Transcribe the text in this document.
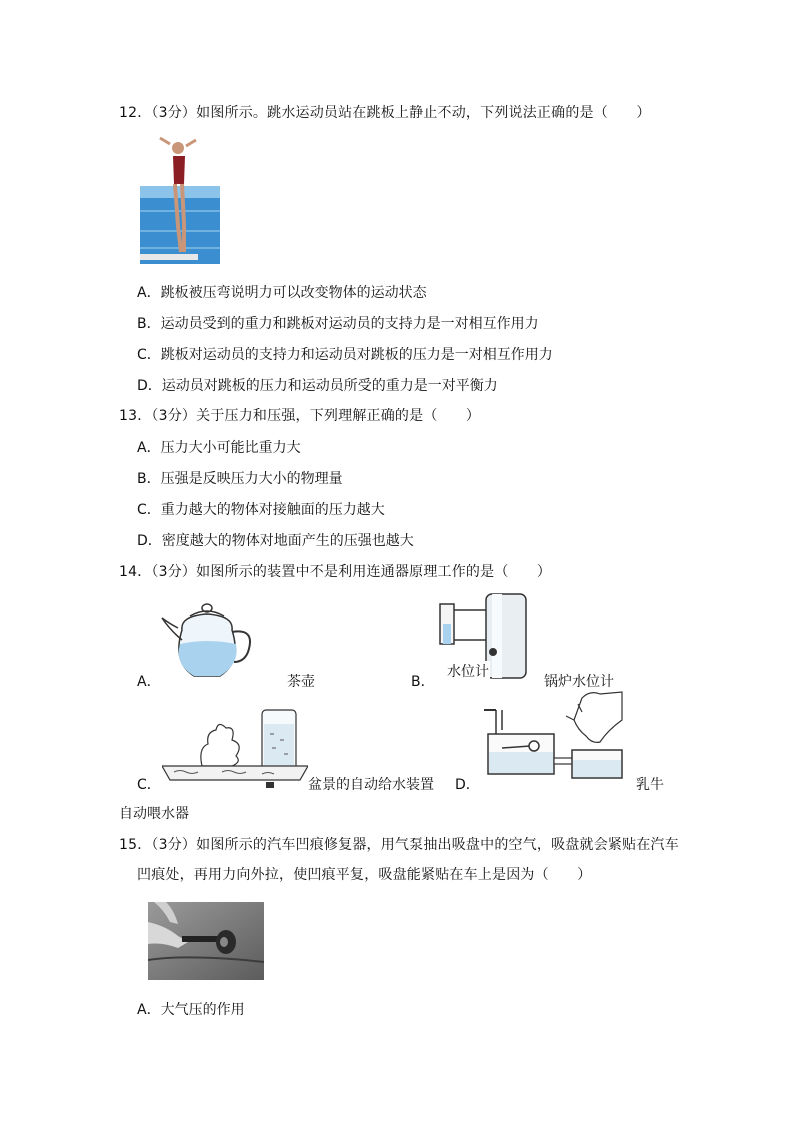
12．（3分）如图所示。跳水运动员站在跳板上静止不动，下列说法正确的是（　　）
A．跳板被压弯说明力可以改变物体的运动状态
B．运动员受到的重力和跳板对运动员的支持力是一对相互作用力
C．跳板对运动员的支持力和运动员对跳板的压力是一对相互作用力
D．运动员对跳板的压力和运动员所受的重力是一对平衡力
13．（3分）关于压力和压强，下列理解正确的是（　　）
A．压力大小可能比重力大
B．压强是反映压力大小的物理量
C．重力越大的物体对接触面的压力越大
D．密度越大的物体对地面产生的压强也越大
14．（3分）如图所示的装置中不是利用连通器原理工作的是（　　）
A．	茶壶
水位计
B．	锅炉水位计
C．	盆景的自动给水装置 D．	乳牛
自动喂水器
15．（3分）如图所示的汽车凹痕修复器，用气泵抽出吸盘中的空气，吸盘就会紧贴在汽车
凹痕处，再用力向外拉，使凹痕平复，吸盘能紧贴在车上是因为（　　）
A．大气压的作用
